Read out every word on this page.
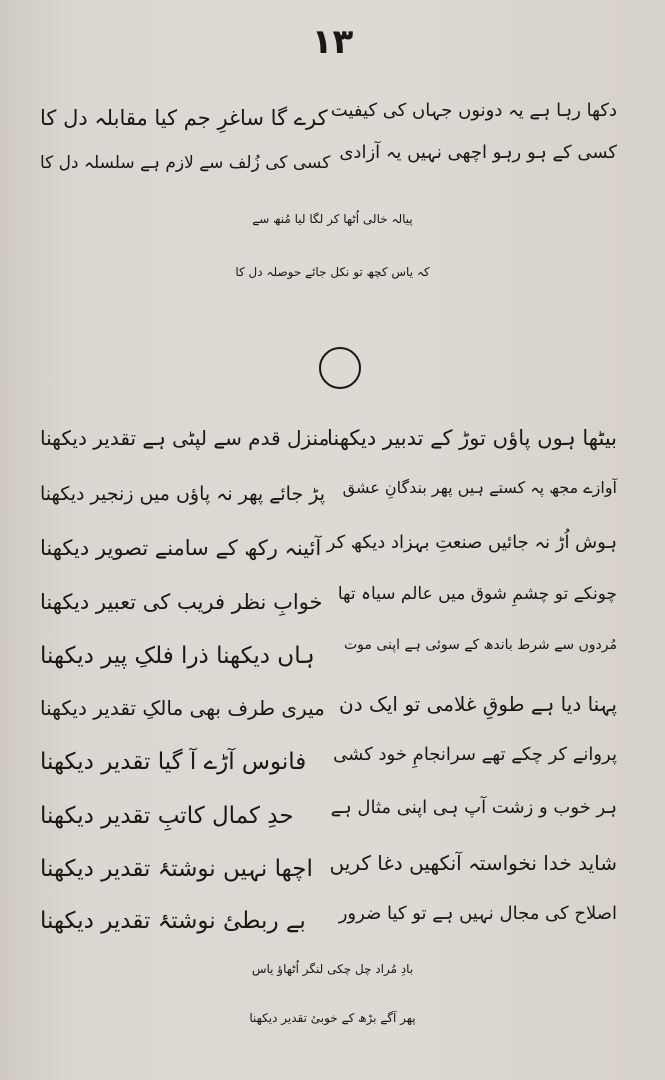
۱۳
دکھا رہا ہے یہ دونوں جہاں کی کیفیت
کرے گا ساغرِ جم کیا مقابلہ دل کا
کسی کے ہو رہو اچھی نہیں یہ آزادی
کسی کی زُلف سے لازم ہے سلسلہ دل کا
پیالہ خالی اُٹھا کر لگا لیا مُنھ سے
کہ یاس کچھ تو نکل جائے حوصلہ دل کا
بیٹھا ہوں پاؤں توڑ کے تدبیر دیکھنا
منزل قدم سے لپٹی ہے تقدیر دیکھنا
آوازے مجھ پہ کستے ہیں پھر بندگانِ عشق
پڑ جائے پھر نہ پاؤں میں زنجیر دیکھنا
ہوش اُڑ نہ جائیں صنعتِ بہزاد دیکھ کر
آئینہ رکھ کے سامنے تصویر دیکھنا
چونکے تو چشمِ شوق میں عالم سیاہ تھا
خوابِ نظر فریب کی تعبیر دیکھنا
مُردوں سے شرط باندھ کے سوئی ہے اپنی موت
ہاں دیکھنا ذرا فلکِ پیر دیکھنا
پہنا دیا ہے طوقِ غلامی تو ایک دن
میری طرف بھی مالکِ تقدیر دیکھنا
پروانے کر چکے تھے سرانجامِ خود کشی
فانوس آڑے آ گیا تقدیر دیکھنا
ہر خوب و زشت آپ ہی اپنی مثال ہے
حدِ کمال کاتبِ تقدیر دیکھنا
شاید خدا نخواستہ آنکھیں دغا کریں
اچھا نہیں نوشتۂ تقدیر دیکھنا
اصلاح کی مجال نہیں ہے تو کیا ضرور
بے ربطیٔ نوشتۂ تقدیر دیکھنا
بادِ مُراد چل چکی لنگر اُٹھاؤ یاس
پھر آگے بڑھ کے خوبیٔ تقدیر دیکھنا
